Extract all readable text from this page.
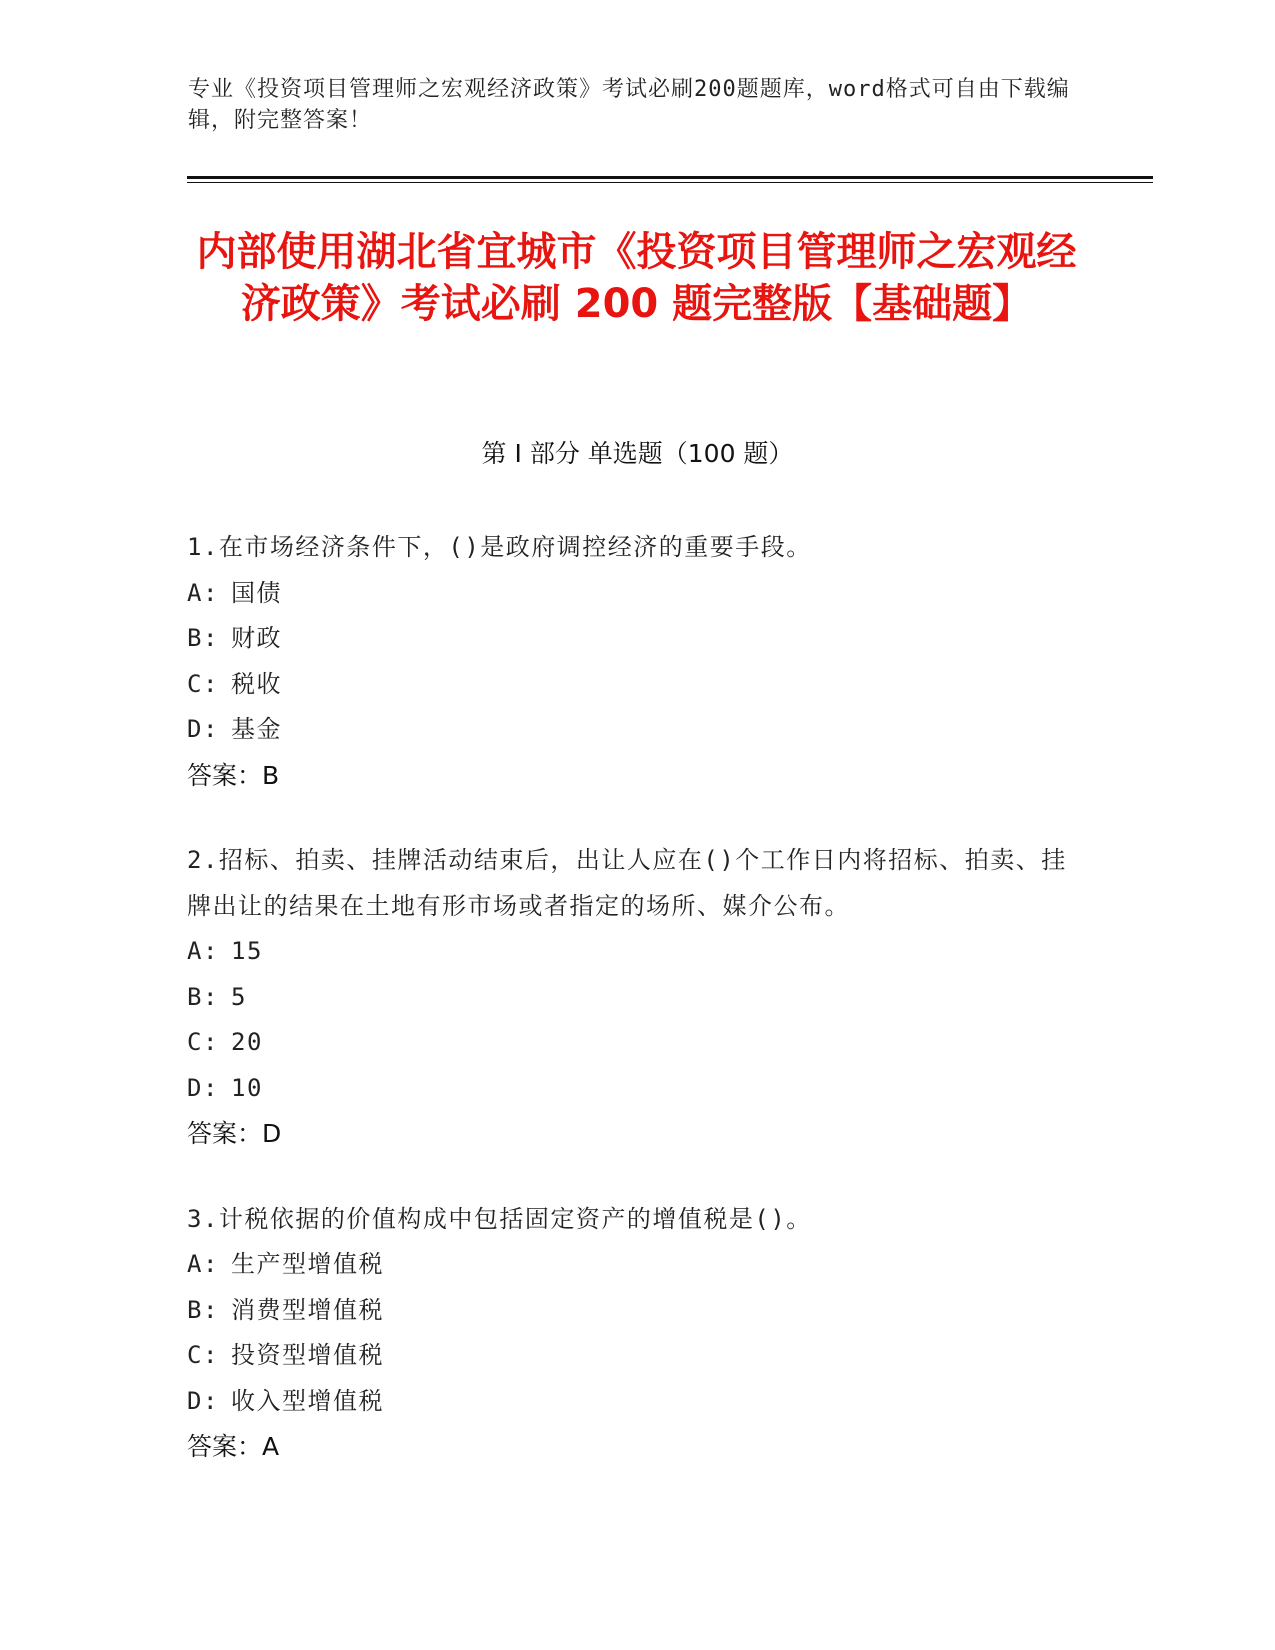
专业《投资项目管理师之宏观经济政策》考试必刷200题题库，word格式可自由下载编辑，附完整答案！
内部使用湖北省宜城市《投资项目管理师之宏观经济政策》考试必刷 200 题完整版【基础题】
第 I 部分 单选题（100 题）
1.在市场经济条件下，()是政府调控经济的重要手段。
A: 国债
B: 财政
C: 税收
D: 基金
答案：B
2.招标、拍卖、挂牌活动结束后，出让人应在()个工作日内将招标、拍卖、挂牌出让的结果在土地有形市场或者指定的场所、媒介公布。
A: 15
B: 5
C: 20
D: 10
答案：D
3.计税依据的价值构成中包括固定资产的增值税是()。
A: 生产型增值税
B: 消费型增值税
C: 投资型增值税
D: 收入型增值税
答案：A
